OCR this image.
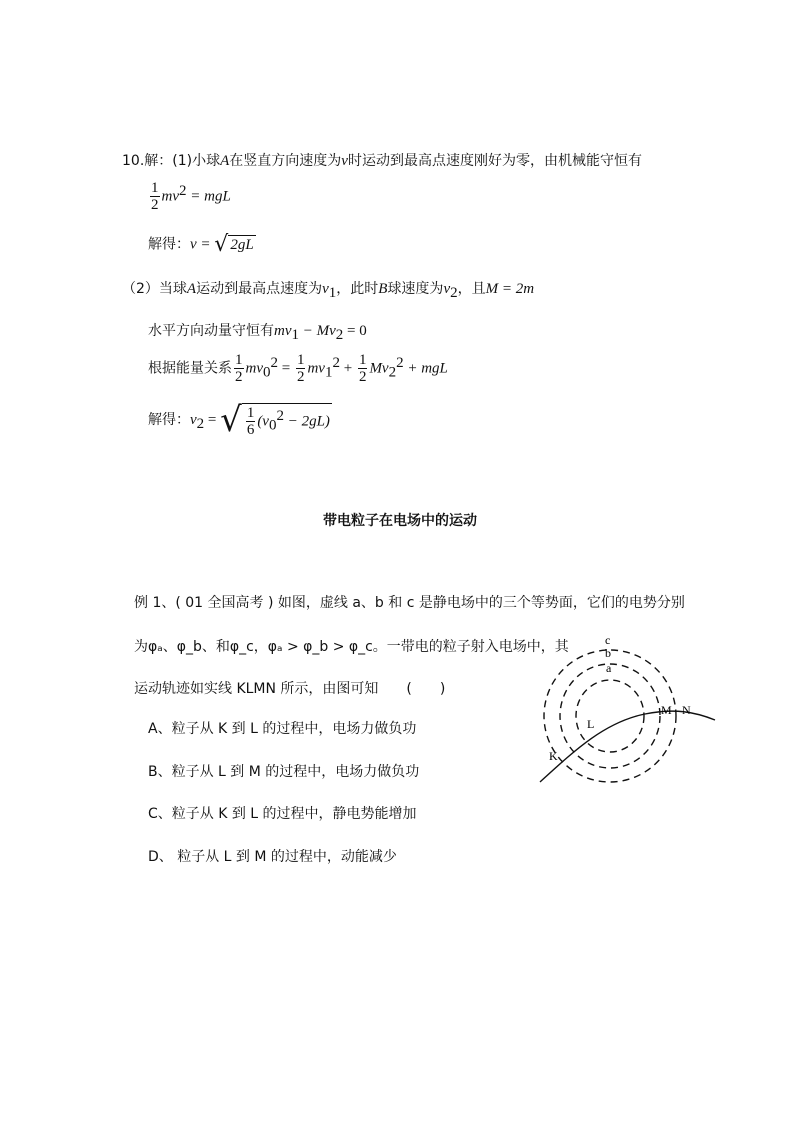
10.解：(1)小球A在竖直方向速度为v时运动到最高点速度刚好为零，由机械能守恒有
$\frac{1}{2} mv^2$ = mgL
解得：v = √ 2gL
（2）当球A运动到最高点速度为$v_1$，此时B球速度为$v_2$，且M = 2m
水平方向动量守恒有$mv_1 - Mv_2 = 0$
根据能量关系 $\frac{1}{2} mv_0^2 = \frac{1}{2} mv_1^2 + \frac{1}{2} Mv_2^2$ + mgL
解得：$v_2$ = √ $\frac{1}{6} (v_0^2 - 2gL)$
带电粒子在电场中的运动
例 1、( 01 全国高考 ) 如图，虚线 a、b 和 c 是静电场中的三个等势面，它们的电势分别
为φₐ、φ_b、和φ_c，φₐ > φ_b > φ_c。一带电的粒子射入电场中，其
运动轨迹如实线 KLMN 所示，由图可知　　(　　)
A、粒子从 K 到 L 的过程中，电场力做负功
B、粒子从 L 到 M 的过程中，电场力做负功
C、粒子从 K 到 L 的过程中，静电势能增加
D、 粒子从 L 到 M 的过程中，动能减少
c
b
a
K
L
M N
